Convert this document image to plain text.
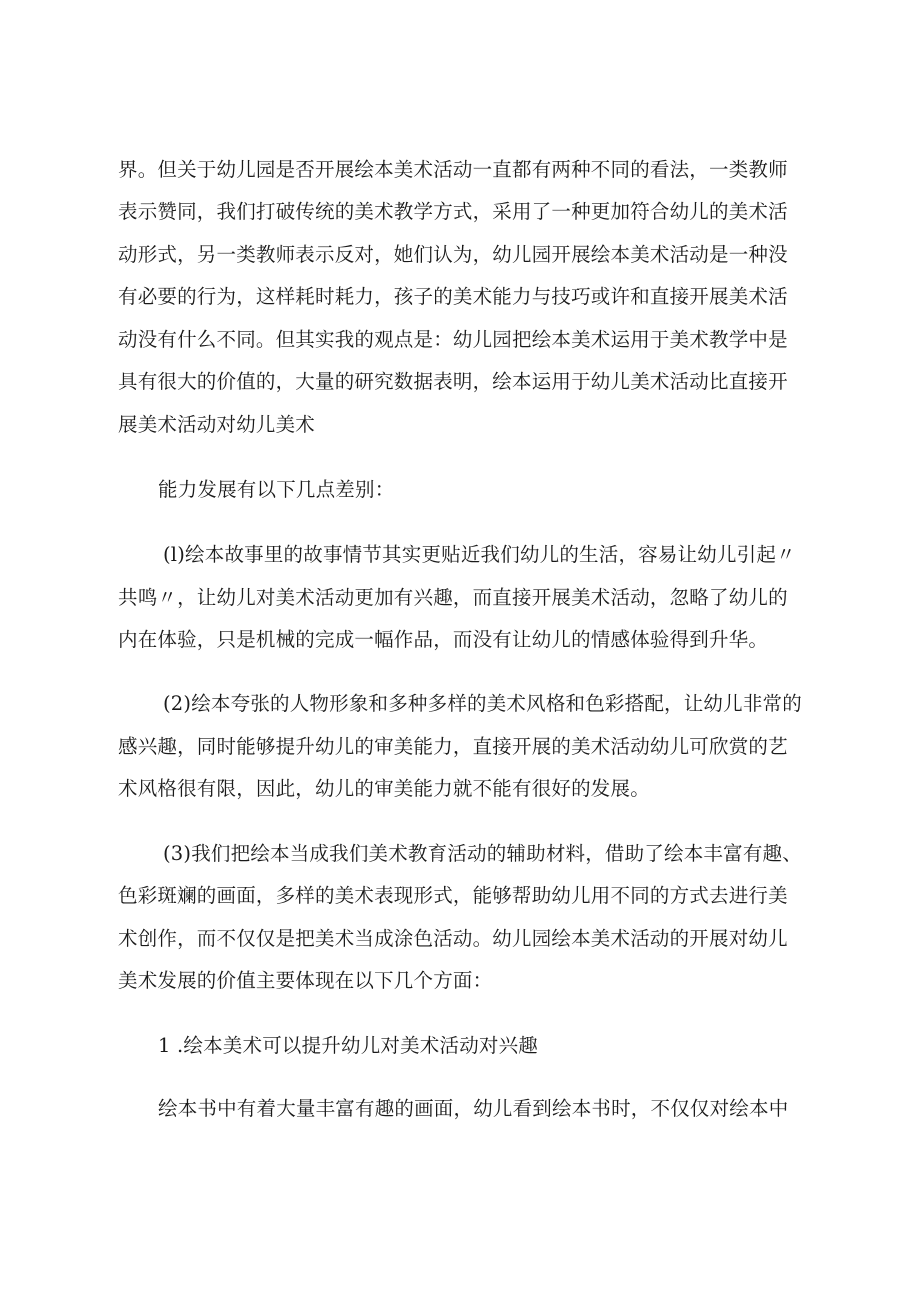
界。但关于幼儿园是否开展绘本美术活动一直都有两种不同的看法，一类教师
表示赞同，我们打破传统的美术教学方式，采用了一种更加符合幼儿的美术活
动形式，另一类教师表示反对，她们认为，幼儿园开展绘本美术活动是一种没
有必要的行为，这样耗时耗力，孩子的美术能力与技巧或许和直接开展美术活
动没有什么不同。但其实我的观点是：幼儿园把绘本美术运用于美术教学中是
具有很大的价值的，大量的研究数据表明，绘本运用于幼儿美术活动比直接开
展美术活动对幼儿美术
能力发展有以下几点差别：
(l)绘本故事里的故事情节其实更贴近我们幼儿的生活，容易让幼儿引起〃
共鸣〃，让幼儿对美术活动更加有兴趣，而直接开展美术活动，忽略了幼儿的
内在体验，只是机械的完成一幅作品，而没有让幼儿的情感体验得到升华。
(2)绘本夸张的人物形象和多种多样的美术风格和色彩搭配，让幼儿非常的
感兴趣，同时能够提升幼儿的审美能力，直接开展的美术活动幼儿可欣赏的艺
术风格很有限，因此，幼儿的审美能力就不能有很好的发展。
(3)我们把绘本当成我们美术教育活动的辅助材料，借助了绘本丰富有趣、
色彩斑斓的画面，多样的美术表现形式，能够帮助幼儿用不同的方式去进行美
术创作，而不仅仅是把美术当成涂色活动。幼儿园绘本美术活动的开展对幼儿
美术发展的价值主要体现在以下几个方面：
1 .绘本美术可以提升幼儿对美术活动对兴趣
绘本书中有着大量丰富有趣的画面，幼儿看到绘本书时，不仅仅对绘本中
